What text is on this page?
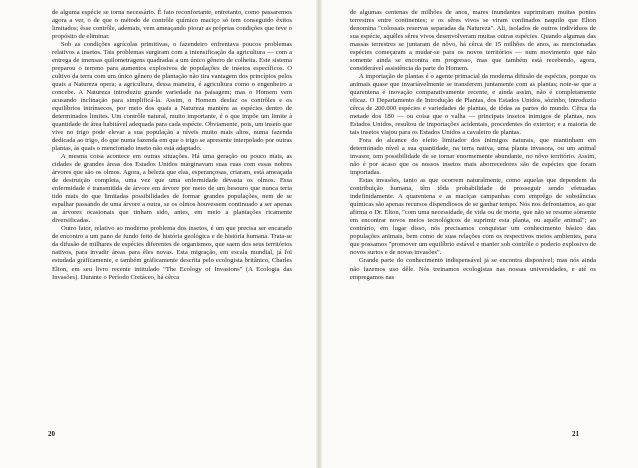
de alguma espécie se torna necessário. É fato reconfortante, entretanto, como passaremos agora a ver, o de que o método de contrôle químico maciço só tem conseguido êxitos limitados; êsse contrôle, ademais, vem ameaçando piorar as próprias condições que teve o propósito de eliminar.

Sob as condições agrícolas primitivas, o fazendeiro enfrentava poucos problemas relativos a insetos. Tais problemas surgiram com a intensificação da agricultura — com a entrega de imensas quilometragens quadradas a um único gênero de colheita. Este sistema preparou o terreno para aumentos explosivos de populações de insetos específicos. O cultivo da terra com um único gênero de plantação não tira vantagem dos princípios pelos quais a Natureza opera; a agricultura, dessa maneira, é agricultura como o engenheiro a concebe. A Natureza introduziu grande variedade na paisagem; mas o Homem vem acusando inclinação para simplificá-la. Assim, o Homem desfaz os contrôles e os equilíbrios intrínsecos, por meio dos quais a Natureza mantém as espécies dentro de determinados limites. Um contrôle natural, muito importante, é o que impõe um limite à quantidade de área habitável adequada para cada espécie. Obviamente, pois, um inseto que vive no trigo pode elevar a sua população a níveis muito mais altos, numa fazenda dedicada ao trigo, do que numa fazenda em que o trigo se apresente interpolado por outras plantas, às quais o mencionado inseto não está adaptado.

A mesma coisa acontece em outras situações. Há uma geração ou pouco mais, as cidades de grandes áreas dos Estados Unidos marginavam suas ruas com essas nobres árvores que são os olmos. Agora, a beleza que elas, esperançosas, criaram, está ameaçada de destruição completa, uma vez que uma enfermidade devasta os olmos. Essa enfermidade é transmitida de árvore em árvore por meio de um besouro que nunca teria tido mais do que limitadas possibilidades de formar grandes populações, nem de se espalhar passando de uma árvore a outra, se os olmos houvessem continuado a ser apenas as árvores ocasionais que tinham sido, antes, em meio a plantações ricamente diversificadas.

Outro fator, relativo ao moderno problema dos insetos, é um que precisa ser encarado de encontro a um pano de fundo feito de história geológica e de história humana. Trata-se da difusão de milhares de espécies diferentes de organismos, que saem dos seus territórios nativos, para invadir áreas para êles novas. Esta migração, em escala mundial, já foi estudada gràficamente, e também gràficamente descrita pelo ecologista britânico, Charles Elton, em seu livro recente intitulado "The Ecology of Invasions" (A Ecologia das Invasões). Durante o Período Cretáceo, há cêrca

20

de algumas centenas de milhões de anos, mares inundantes suprimiram muitas pontes terrestres entre continentes; e os sêres vivos se viram confinados naquilo que Elton denomina "colossais reservas separadas da Natureza". Ali, isolados de outros indivíduos de sua espécie, aquêles sêres vivos desenvolveram muitas outras espécies. Quando algumas das massas terrestres se juntaram de nôvo, há cêrca de 15 milhões de anos, as mencionadas espécies começaram a mudar-se para os novos territórios — num movimento que não somente ainda se encontra em progresso, mas que também está recebendo, agora, considerável assistência da parte do Homem.

A importação de plantas é o agente primacial da moderna difusão de espécies, porque os animais quase que invariàvelmente se transferem juntamente com as plantas; note-se que a quarentena é inovação comparativamente recente, e ainda assim, não é completamente eficaz. O Departamento de Introdução de Plantas, dos Estados Unidos, sòzinho, introduziu cêrca de 200.000 espécies e variedades de plantas, de tôdas as partes do mundo. Cêrca da metade dos 180 — ou coisa que o valha — principais insetos inimigos de plantas, nos Estados Unidos, resultou de importações acidentais, procedentes do exterior; e a maioria de tais insetos viajou para os Estados Unidos a cavaleiro de plantas.

Fora do alcance do efeito limitador dos inimigos naturais, que mantinham em determinado nível a sua quantidade, na terra nativa, uma planta invasora, ou um animal invasor, tem possibilidade de se tornar enormemente abundante, no nôvo território. Assim, não é por acaso que os nossos insetos mais aborrecedores são de espécies que foram importadas.

Estas invasões, tanto as que ocorrem naturalmente, como aquelas que dependem da contribuição humana, têm tôda probabilidade de prosseguir sendo efetuadas indefinidamente. A quarentena e as maciças campanhas com emprêgo de substâncias químicas são apenas recursos dispendiosos de se ganhar tempo. Nós nos defrontamos, ao que afirma o Dr. Elton, "com uma necessidade, de vida ou de morte, que não se resume sòmente em encontrar novos meios tecnológicos de suprimir esta planta, ou aquêle animal"; ao contrário, em lugar disso, nós precisamos conquistar um conhecimento básico das populações animais, bem como de suas relações com os respectivos meios ambientes, para que possamos "promover um equilíbrio estável e manter sob contrôle o poderio explosivo de novos surtos e de novas invasões".

Grande parte do conhecimento indispensável já se encontra disponível; mas nós ainda não fazemos uso dêle. Nós treinamos ecologistas nas nossas universidades, e até os empregamos nas

21
